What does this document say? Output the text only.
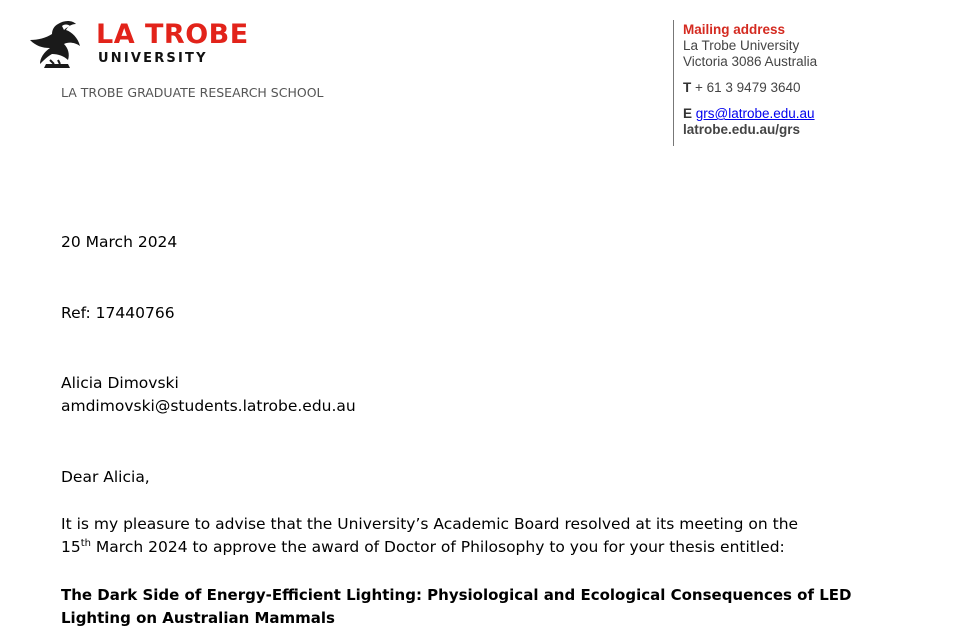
LA TROBE
UNIVERSITY
LA TROBE GRADUATE RESEARCH SCHOOL
Mailing address
La Trobe University
Victoria 3086 Australia
T + 61 3 9479 3640
E grs@latrobe.edu.au
latrobe.edu.au/grs
20 March 2024
Ref: 17440766
Alicia Dimovski
amdimovski@students.latrobe.edu.au
Dear Alicia,
It is my pleasure to advise that the University’s Academic Board resolved at its meeting on the
15th March 2024 to approve the award of Doctor of Philosophy to you for your thesis entitled:
The Dark Side of Energy-Efficient Lighting: Physiological and Ecological Consequences of LED
Lighting on Australian Mammals
